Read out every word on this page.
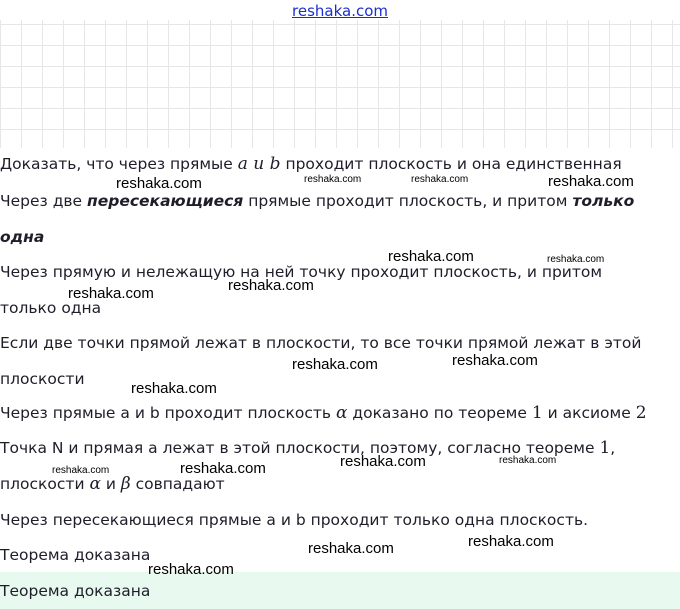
reshaka.com
Доказать, что через прямые a и b проходит плоскость и она единственная
Через две пересекающиеся прямые проходит плоскость, и притом только
одна
Через прямую и нележащую на ней точку проходит плоскость, и притом
только одна
Если две точки прямой лежат в плоскости, то все точки прямой лежат в этой
плоскости
Через прямые a и b проходит плоскость α доказано по теореме 1 и аксиоме 2
Точка N и прямая a лежат в этой плоскости, поэтому, согласно теореме 1,
плоскости α и β совпадают
Через пересекающиеся прямые a и b проходит только одна плоскость.
Теорема доказана
Теорема доказана
reshaka.com	reshaka.com	reshaka.com	reshaka.com
reshaka.com	reshaka.com
reshaka.com
reshaka.com
reshaka.com
reshaka.com
reshaka.com
reshaka.com	reshaka.com
reshaka.com	reshaka.com
reshaka.com
reshaka.com
reshaka.com
